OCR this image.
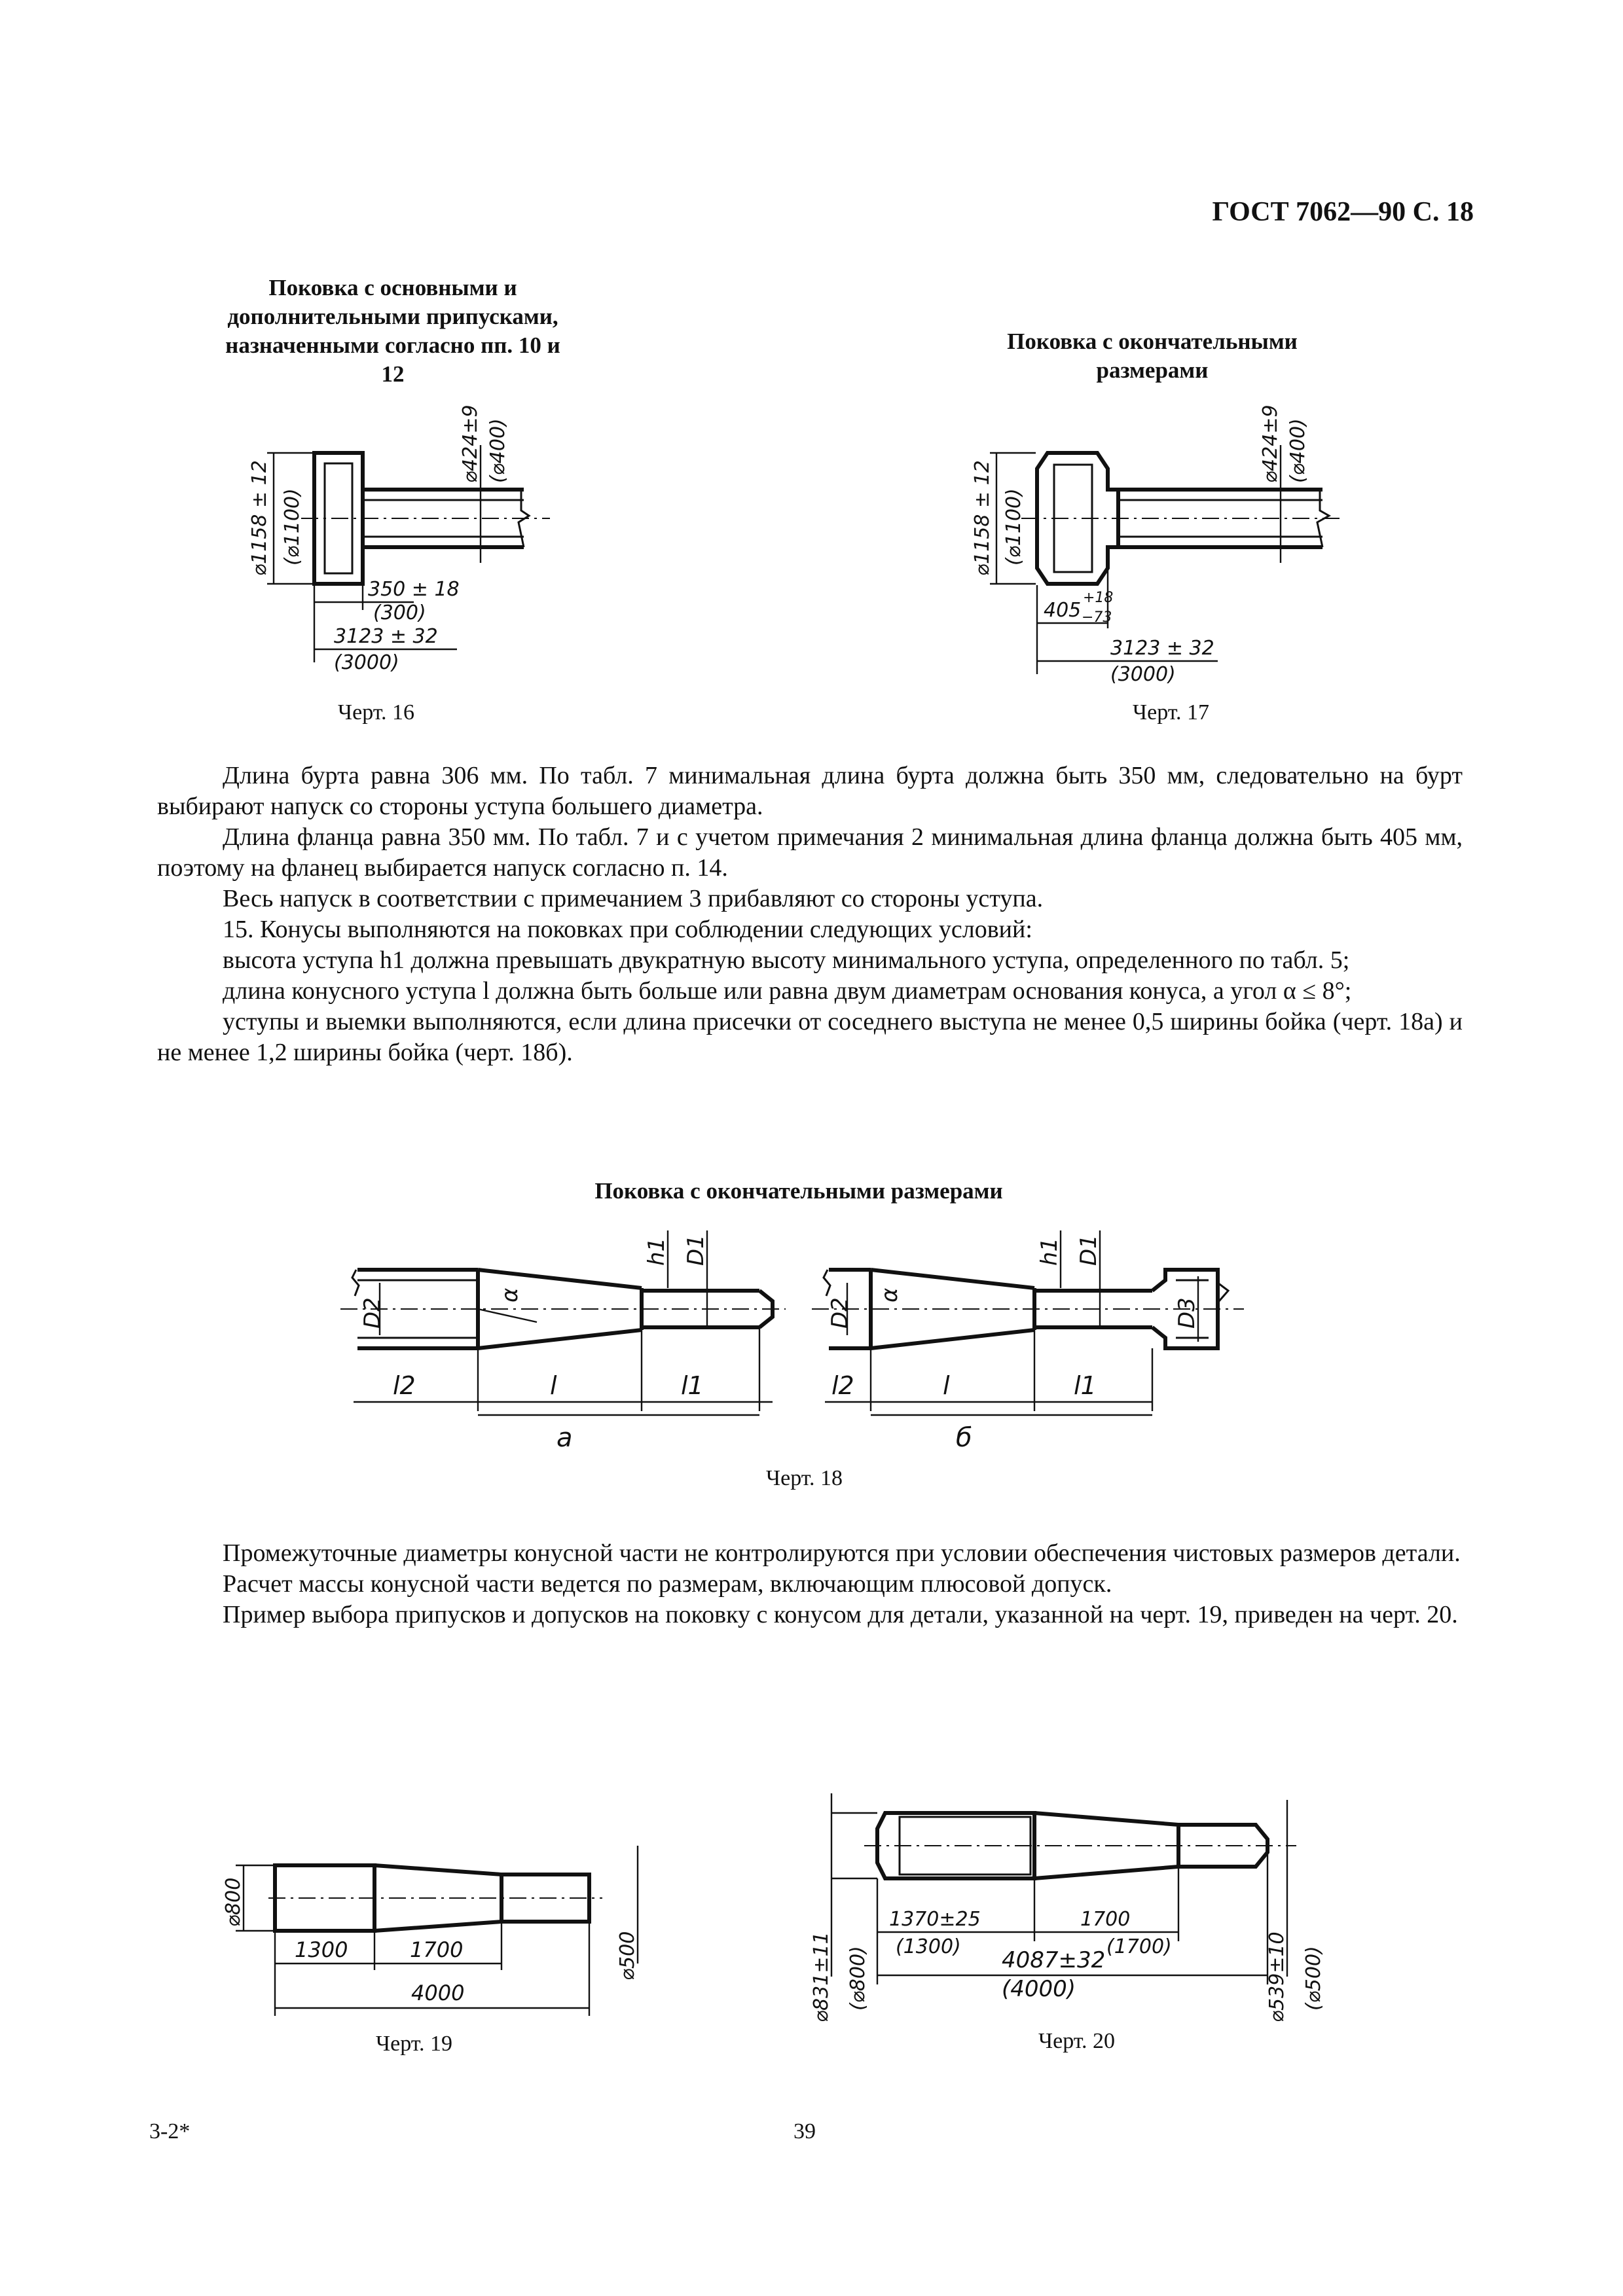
ГОСТ 7062—90 С. 18
Поковка с основными и дополнительными припусками, назначенными согласно пп. 10 и 12
Поковка с окончательными размерами
⌀1158 ± 12 (⌀1100)
⌀424±9 (⌀400)
350 ± 18
(300)
3123 ± 32
(3000)
Черт. 16
⌀1158 ± 12 (⌀1100)
⌀424±9 (⌀400)
405
+18
−73
3123 ± 32
(3000)
Черт. 17

Длина бурта равна 306 мм. По табл. 7 минимальная длина бурта должна быть 350 мм, следовательно на бурт выбирают напуск со стороны уступа большего диаметра.

Длина фланца равна 350 мм. По табл. 7 и с учетом примечания 2 минимальная длина фланца должна быть 405 мм, поэтому на фланец выбирается напуск согласно п. 14.

Весь напуск в соответствии с примечанием 3 прибавляют со стороны уступа.

15. Конусы выполняются на поковках при соблюдении следующих условий:

высота уступа h1 должна превышать двукратную высоту минимального уступа, определенного по табл. 5;

длина конусного уступа l должна быть больше или равна двум диаметрам основания конуса, а угол α ≤ 8°;

уступы и выемки выполняются, если длина присечки от соседнего выступа не менее 0,5 ширины бойка (черт. 18а) и не менее 1,2 ширины бойка (черт. 18б).

Поковка с окончательными размерами
D2
α
h1 D1
l2	l	l1
а
D2
α
h1 D1
D3
l2	l	l1
б
Черт. 18

Промежуточные диаметры конусной части не контролируются при условии обеспечения чистовых размеров детали.

Расчет массы конусной части ведется по размерам, включающим плюсовой допуск.

Пример выбора припусков и допусков на поковку с конусом для детали, указанной на черт. 19, приведен на черт. 20.

⌀800
⌀500
1300	1700
4000
Черт. 19
⌀831±11 (⌀800)	⌀539±10 (⌀500)
1370±25
(1300)
1700
(1700)
4087±32
(4000)
Черт. 20
3-2*	39
